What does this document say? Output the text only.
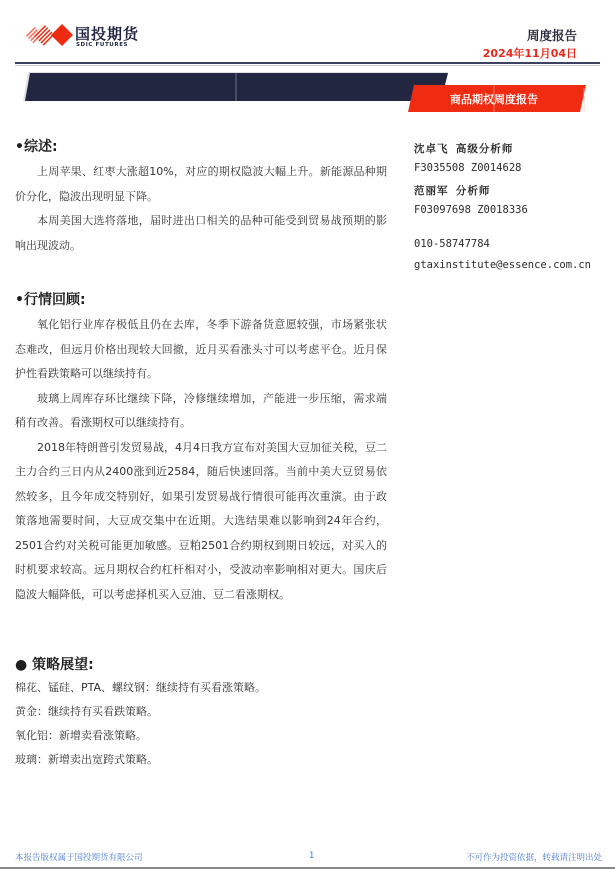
国投期货
SDIC FUTURES
周度报告
2024年11月04日
商品期权周度报告
•综述:

上周苹果、红枣大涨超10%，对应的期权隐波大幅上升。新能源品种期价分化，隐波出现明显下降。

本周美国大选将落地，届时进出口相关的品种可能受到贸易战预期的影响出现波动。

•行情回顾:

氧化铝行业库存极低且仍在去库，冬季下游备货意愿较强，市场紧张状态难改，但远月价格出现较大回撤，近月买看涨头寸可以考虑平仓。近月保护性看跌策略可以继续持有。

玻璃上周库存环比继续下降，冷修继续增加，产能进一步压缩，需求端稍有改善。看涨期权可以继续持有。

2018年特朗普引发贸易战，4月4日我方宣布对美国大豆加征关税，豆二主力合约三日内从2400涨到近2584，随后快速回落。当前中美大豆贸易依然较多，且今年成交特别好，如果引发贸易战行情很可能再次重演。由于政策落地需要时间，大豆成交集中在近期。大选结果难以影响到24年合约，2501合约对关税可能更加敏感。豆粕2501合约期权到期日较远，对买入的时机要求较高。远月期权合约杠杆相对小，受波动率影响相对更大。国庆后隐波大幅降低，可以考虑择机买入豆油、豆二看涨期权。

● 策略展望:
棉花、锰硅、PTA、螺纹钢：继续持有买看涨策略。
黄金：继续持有买看跌策略。
氧化铝：新增卖看涨策略。
玻璃：新增卖出宽跨式策略。
沈卓飞 高级分析师
F3035508 Z0014628
范丽军 分析师
F03097698 Z0018336
010-58747784
gtaxinstitute@essence.com.cn
本报告版权属于国投期货有限公司	1	不可作为投资依据，转载请注明出处
